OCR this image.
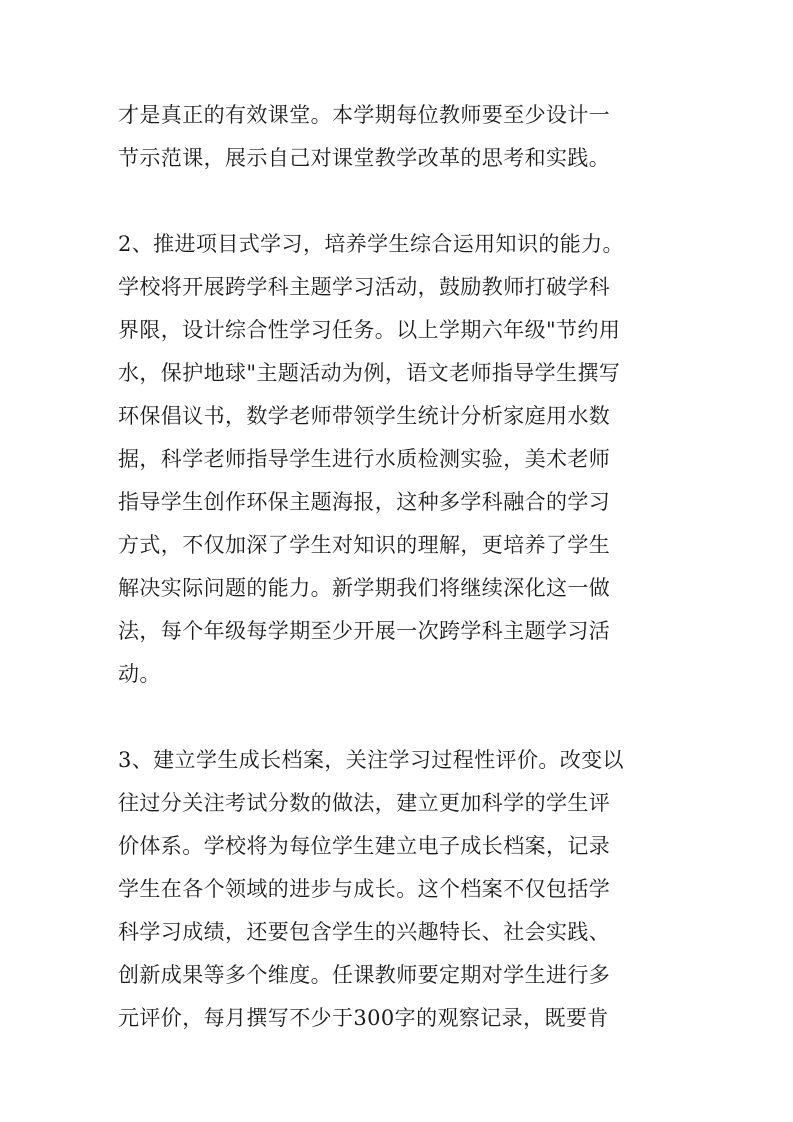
才是真正的有效课堂。本学期每位教师要至少设计一
节示范课，展示自己对课堂教学改革的思考和实践。
2、推进项目式学习，培养学生综合运用知识的能力。
学校将开展跨学科主题学习活动，鼓励教师打破学科
界限，设计综合性学习任务。以上学期六年级"节约用
水，保护地球"主题活动为例，语文老师指导学生撰写
环保倡议书，数学老师带领学生统计分析家庭用水数
据，科学老师指导学生进行水质检测实验，美术老师
指导学生创作环保主题海报，这种多学科融合的学习
方式，不仅加深了学生对知识的理解，更培养了学生
解决实际问题的能力。新学期我们将继续深化这一做
法，每个年级每学期至少开展一次跨学科主题学习活
动。
3、建立学生成长档案，关注学习过程性评价。改变以
往过分关注考试分数的做法，建立更加科学的学生评
价体系。学校将为每位学生建立电子成长档案，记录
学生在各个领域的进步与成长。这个档案不仅包括学
科学习成绩，还要包含学生的兴趣特长、社会实践、
创新成果等多个维度。任课教师要定期对学生进行多
元评价，每月撰写不少于300字的观察记录，既要肯
